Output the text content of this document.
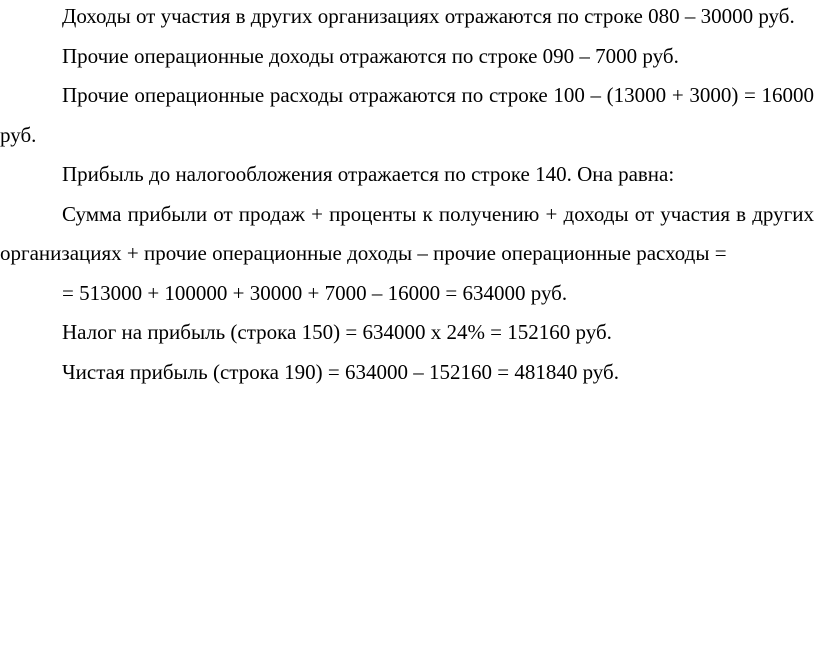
Доходы от участия в других организациях отражаются по строке 080 – 30000 руб.

Прочие операционные доходы отражаются по строке 090 – 7000 руб.

Прочие операционные расходы отражаются по строке 100 – (13000 + 3000) = 16000 руб.

Прибыль до налогообложения отражается по строке 140. Она равна:

Сумма прибыли от продаж + проценты к получению + доходы от участия в других организациях + прочие операционные доходы – прочие операционные расходы =

= 513000 + 100000 + 30000 + 7000 – 16000 = 634000 руб.

Налог на прибыль (строка 150) = 634000 х 24% = 152160 руб.

Чистая прибыль (строка 190) = 634000 – 152160 = 481840 руб.
